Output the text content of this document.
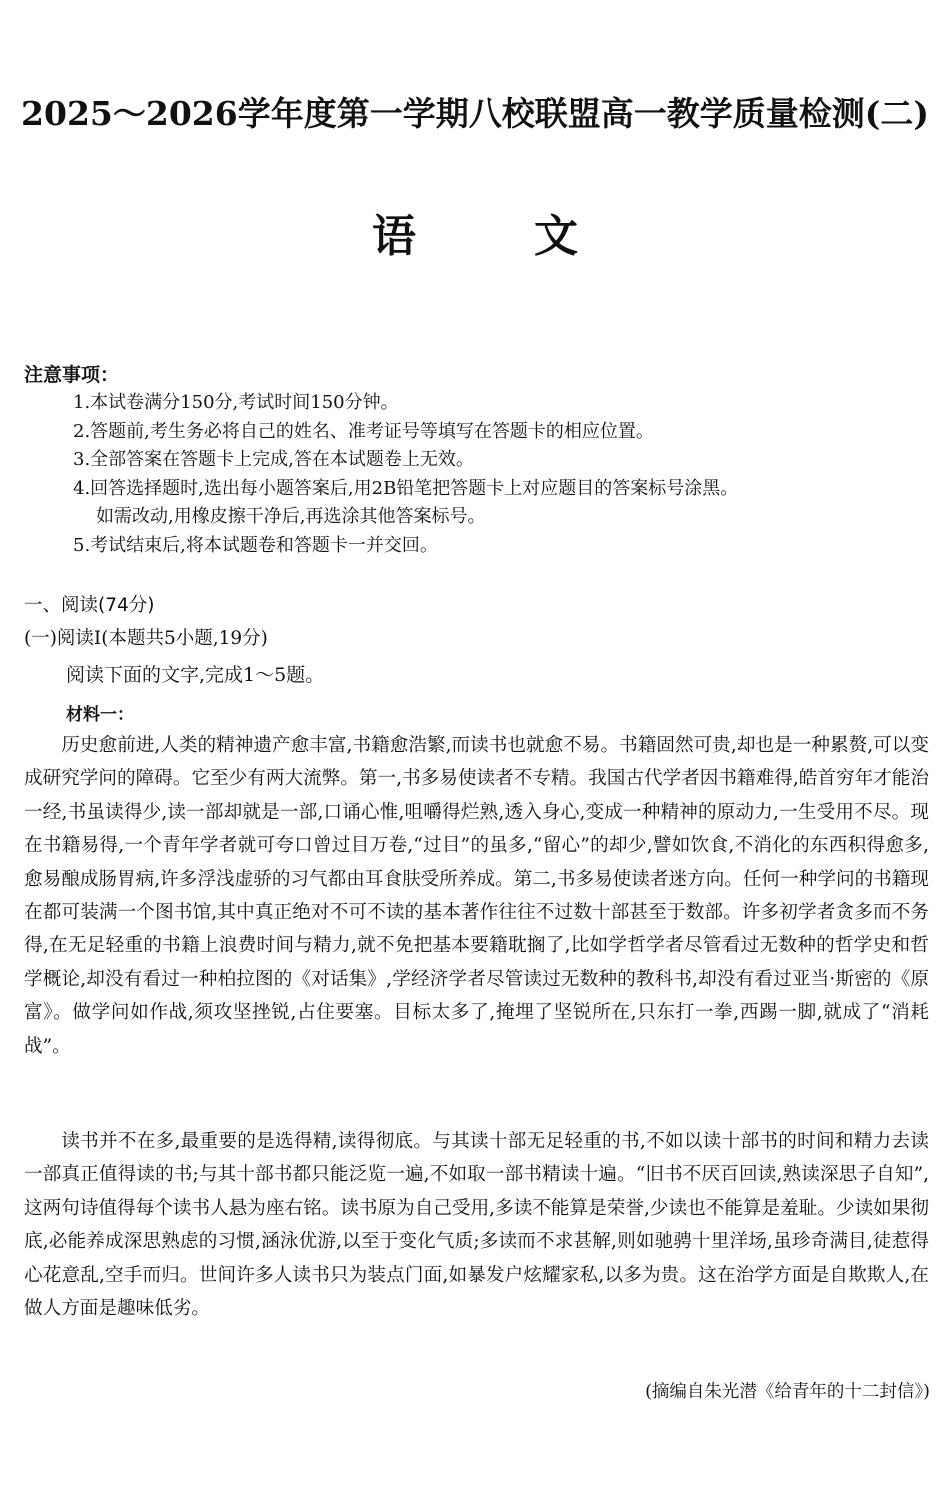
2025～2026学年度第一学期八校联盟高一教学质量检测(二)
语	文
注意事项：
1.本试卷满分150分,考试时间150分钟。
2.答题前,考生务必将自己的姓名、准考证号等填写在答题卡的相应位置。
3.全部答案在答题卡上完成,答在本试题卷上无效。
4.回答选择题时,选出每小题答案后,用2B铅笔把答题卡上对应题目的答案标号涂黑。
如需改动,用橡皮擦干净后,再选涂其他答案标号。
5.考试结束后,将本试题卷和答题卡一并交回。
一、阅读(74分)
(一)阅读Ⅰ(本题共5小题,19分)
阅读下面的文字,完成1～5题。
材料一：

历史愈前进,人类的精神遗产愈丰富,书籍愈浩繁,而读书也就愈不易。书籍固然可贵,却也是一种累赘,可以变成研究学问的障碍。它至少有两大流弊。第一,书多易使读者不专精。我国古代学者因书籍难得,皓首穷年才能治一经,书虽读得少,读一部却就是一部,口诵心惟,咀嚼得烂熟,透入身心,变成一种精神的原动力,一生受用不尽。现在书籍易得,一个青年学者就可夸口曾过目万卷,“过目”的虽多,“留心”的却少,譬如饮食,不消化的东西积得愈多,愈易酿成肠胃病,许多浮浅虚骄的习气都由耳食肤受所养成。第二,书多易使读者迷方向。任何一种学问的书籍现在都可装满一个图书馆,其中真正绝对不可不读的基本著作往往不过数十部甚至于数部。许多初学者贪多而不务得,在无足轻重的书籍上浪费时间与精力,就不免把基本要籍耽搁了,比如学哲学者尽管看过无数种的哲学史和哲学概论,却没有看过一种柏拉图的《对话集》,学经济学者尽管读过无数种的教科书,却没有看过亚当·斯密的《原富》。做学问如作战,须攻坚挫锐,占住要塞。目标太多了,掩埋了坚锐所在,只东打一拳,西踢一脚,就成了“消耗战”。

读书并不在多,最重要的是选得精,读得彻底。与其读十部无足轻重的书,不如以读十部书的时间和精力去读一部真正值得读的书;与其十部书都只能泛览一遍,不如取一部书精读十遍。“旧书不厌百回读,熟读深思子自知”,这两句诗值得每个读书人悬为座右铭。读书原为自己受用,多读不能算是荣誉,少读也不能算是羞耻。少读如果彻底,必能养成深思熟虑的习惯,涵泳优游,以至于变化气质;多读而不求甚解,则如驰骋十里洋场,虽珍奇满目,徒惹得心花意乱,空手而归。世间许多人读书只为装点门面,如暴发户炫耀家私,以多为贵。这在治学方面是自欺欺人,在做人方面是趣味低劣。

(摘编自朱光潜《给青年的十二封信》)
